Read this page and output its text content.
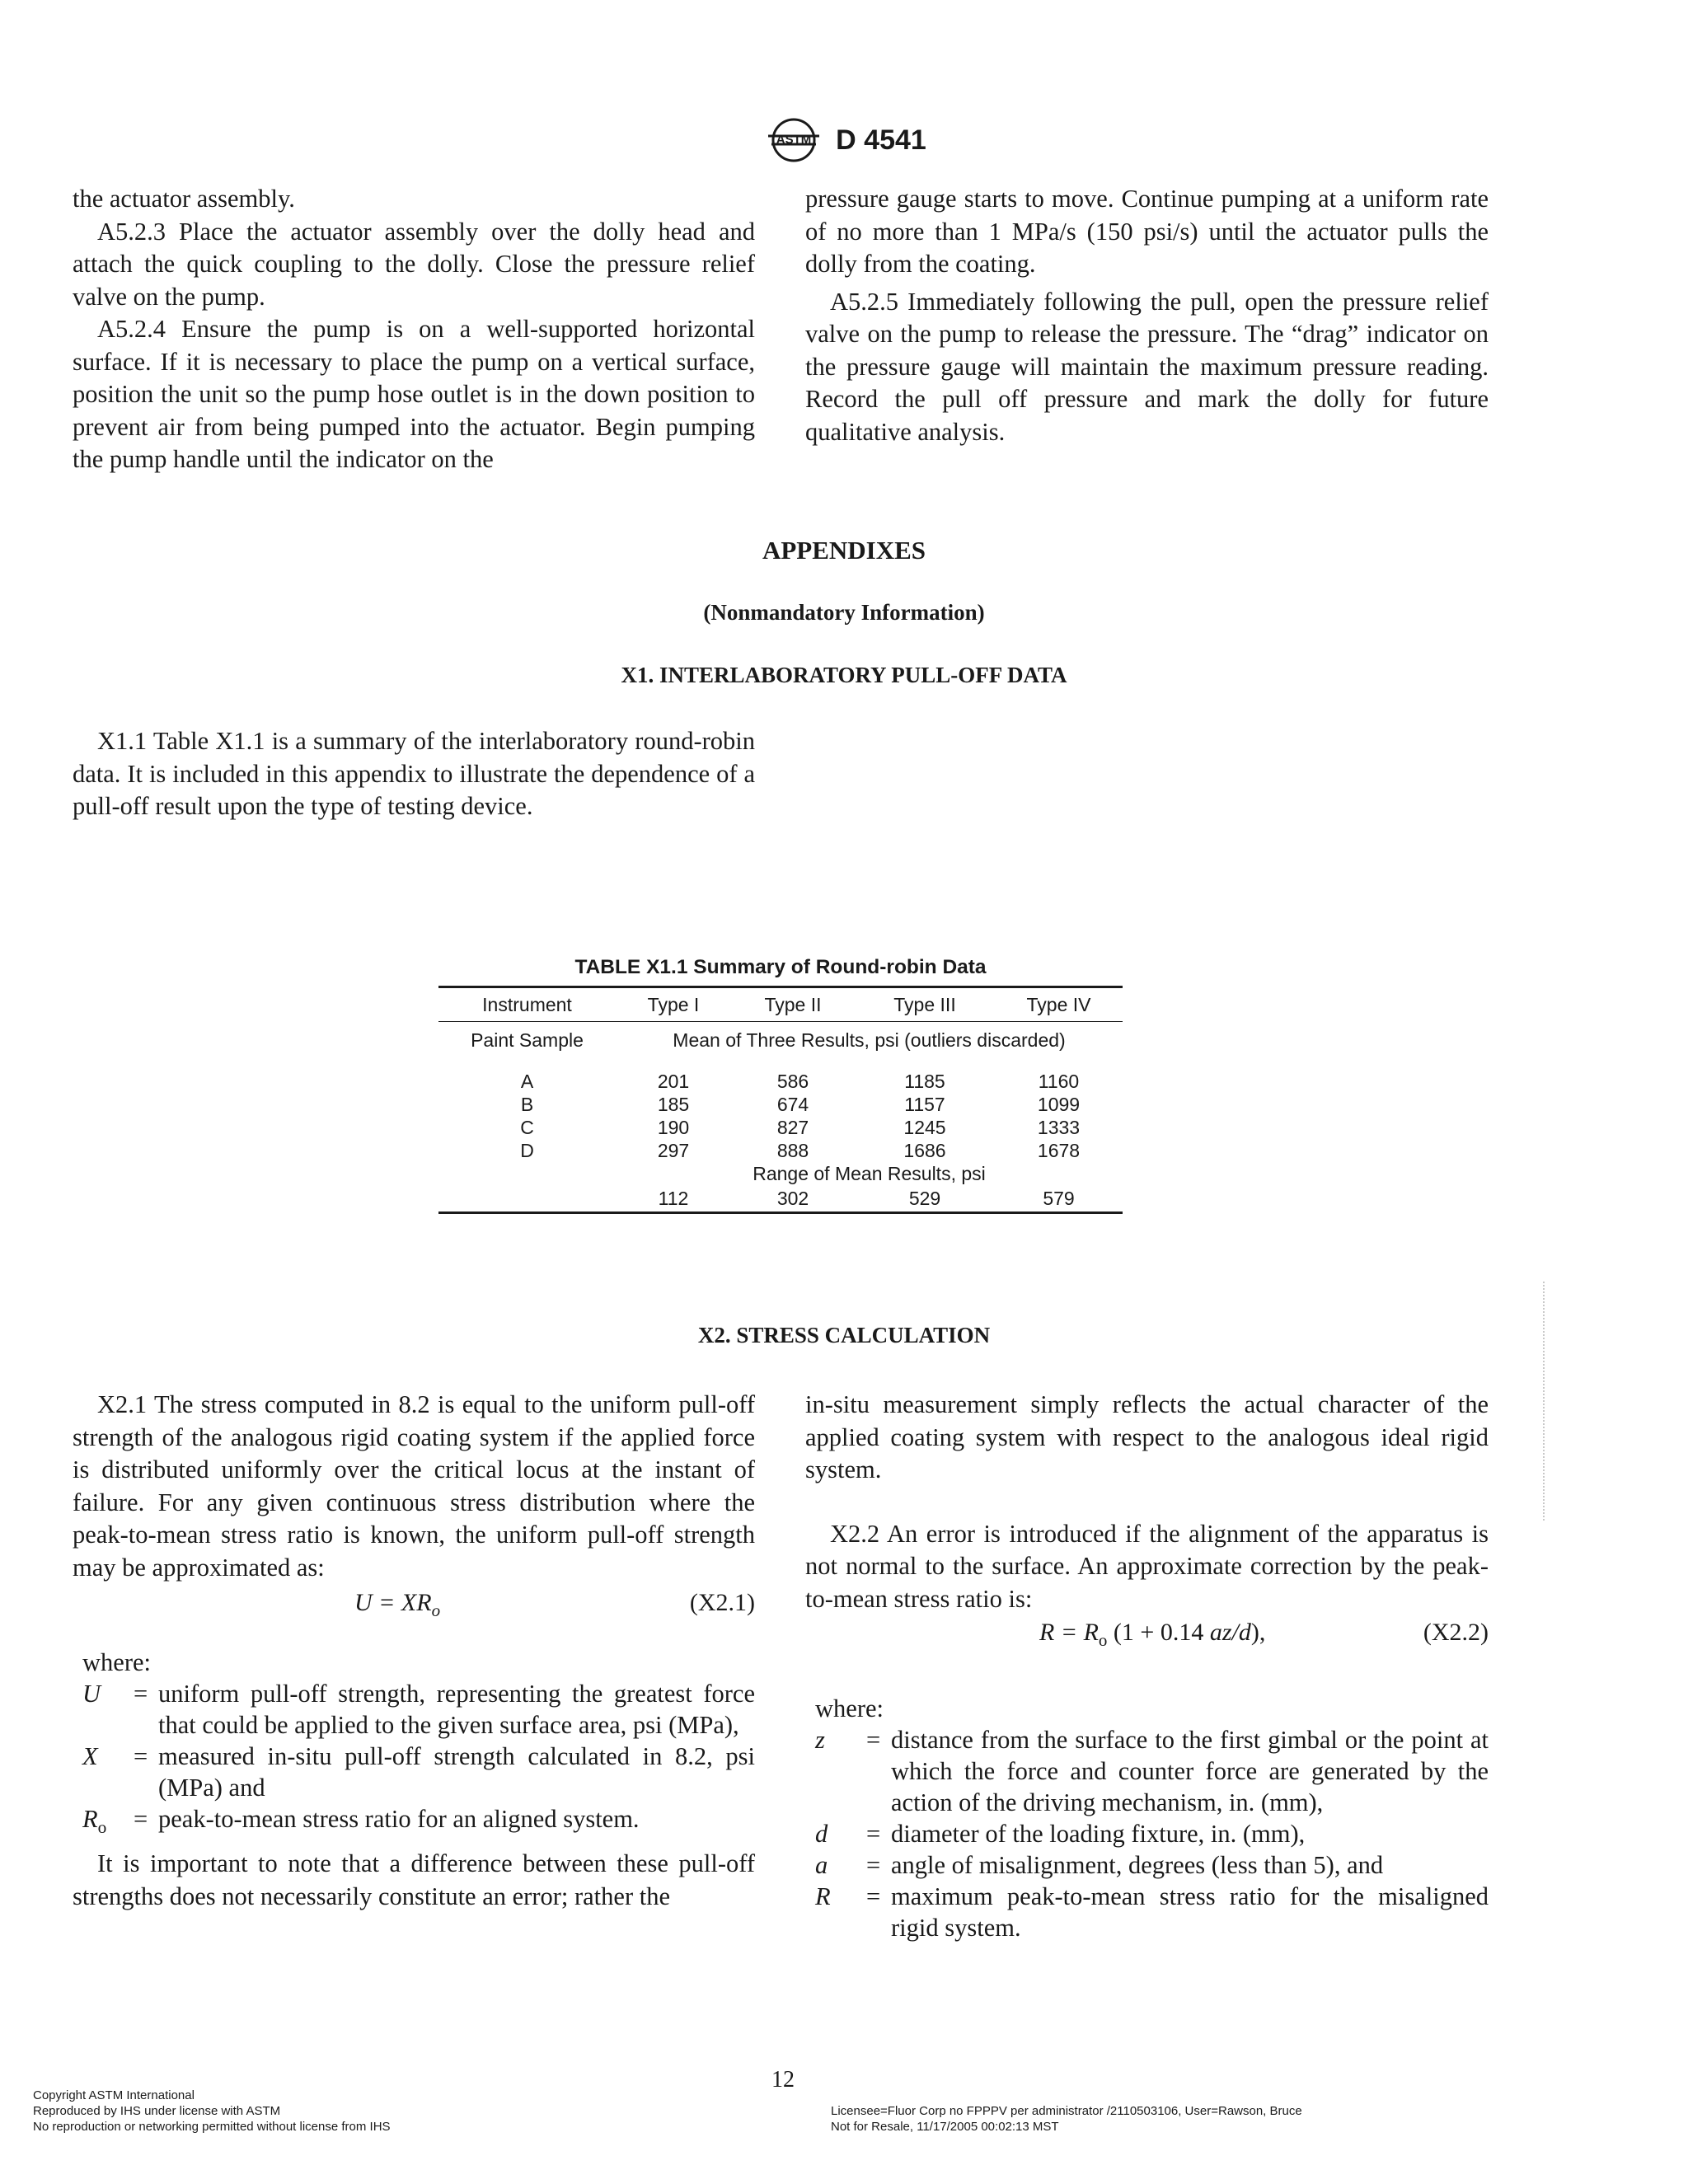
ASTM D 4541

the actuator assembly.

A5.2.3 Place the actuator assembly over the dolly head and attach the quick coupling to the dolly. Close the pressure relief valve on the pump.

A5.2.4 Ensure the pump is on a well-supported horizontal surface. If it is necessary to place the pump on a vertical surface, position the unit so the pump hose outlet is in the down position to prevent air from being pumped into the actuator. Begin pumping the pump handle until the indicator on the

pressure gauge starts to move. Continue pumping at a uniform rate of no more than 1 MPa/s (150 psi/s) until the actuator pulls the dolly from the coating.

A5.2.5 Immediately following the pull, open the pressure relief valve on the pump to release the pressure. The “drag” indicator on the pressure gauge will maintain the maximum pressure reading. Record the pull off pressure and mark the dolly for future qualitative analysis.

APPENDIXES
(Nonmandatory Information)
X1. INTERLABORATORY PULL-OFF DATA

X1.1 Table X1.1 is a summary of the interlaboratory round-robin data. It is included in this appendix to illustrate the dependence of a pull-off result upon the type of testing device.

TABLE X1.1 Summary of Round-robin Data
Instrument	Type I	Type II	Type III	Type IV
Paint Sample	Mean of Three Results, psi (outliers discarded)			

A	201	586	1185	1160
B	185	674	1157	1099
C	190	827	1245	1333
D	297	888	1686	1678
	Range of Mean Results, psi			
	112	302	529	579
X2. STRESS CALCULATION

X2.1 The stress computed in 8.2 is equal to the uniform pull-off strength of the analogous rigid coating system if the applied force is distributed uniformly over the critical locus at the instant of failure. For any given continuous stress distribution where the peak-to-mean stress ratio is known, the uniform pull-off strength may be approximated as:

$U = XR_o$	(X2.1)
where:
U	= uniform pull-off strength, representing the greatest force that could be applied to the given surface area, psi (MPa),
X	= measured in-situ pull-off strength calculated in 8.2, psi (MPa) and
$R_o$	= peak-to-mean stress ratio for an aligned system.

It is important to note that a difference between these pull-off strengths does not necessarily constitute an error; rather the

in-situ measurement simply reflects the actual character of the applied coating system with respect to the analogous ideal rigid system.

X2.2 An error is introduced if the alignment of the apparatus is not normal to the surface. An approximate correction by the peak-to-mean stress ratio is:

$R = R_o$ (1 + 0.14 az/d),	(X2.2)
where:
z	= distance from the surface to the first gimbal or the point at which the force and counter force are generated by the action of the driving mechanism, in. (mm),
d	= diameter of the loading fixture, in. (mm),
a	= angle of misalignment, degrees (less than 5), and
R	= maximum peak-to-mean stress ratio for the misaligned rigid system.
Copyright ASTM International
Reproduced by IHS under license with ASTM
No reproduction or networking permitted without license from IHS
12
Licensee=Fluor Corp no FPPPV per administrator /2110503106, User=Rawson, Bruce
Not for Resale, 11/17/2005 00:02:13 MST
